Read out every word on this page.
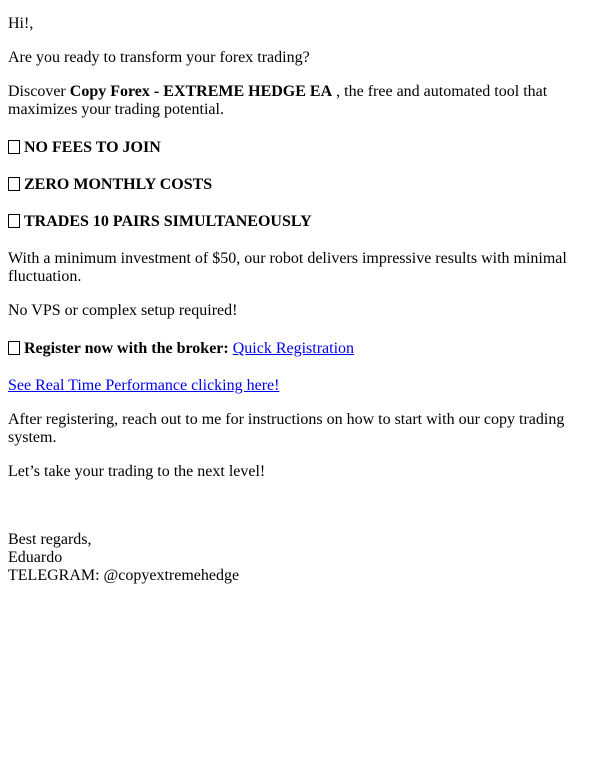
Hi!,

Are you ready to transform your forex trading?

Discover Copy Forex - EXTREME HEDGE EA , the free and automated tool that maximizes your trading potential.

NO FEES TO JOIN

ZERO MONTHLY COSTS

TRADES 10 PAIRS SIMULTANEOUSLY

With a minimum investment of $50, our robot delivers impressive results with minimal fluctuation.

No VPS or complex setup required!

Register now with the broker: Quick Registration

See Real Time Performance clicking here!

After registering, reach out to me for instructions on how to start with our copy trading system.

Let’s take your trading to the next level!

Best regards,
Eduardo
TELEGRAM: @copyextremehedge
